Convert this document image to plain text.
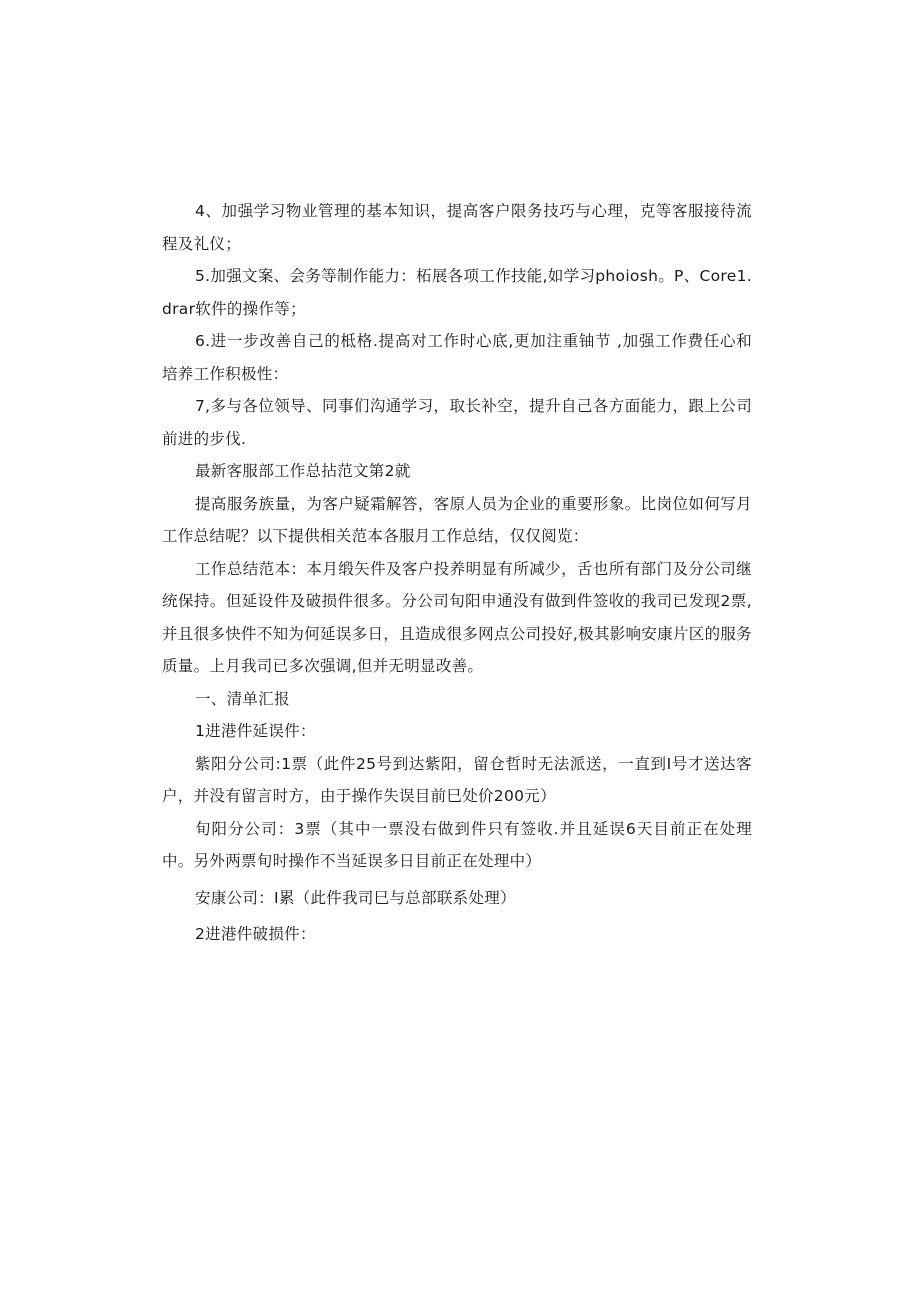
4、加强学习物业管理的基本知识，提高客户限务技巧与心理，克等客服接待流程及礼仪；

5.加强文案、会务等制作能力：柘展各项工作技能,如学习phoiosh。P、Core1.drar软件的操作等；

6.进一步改善自己的柢格.提高对工作时心底,更加注重铀节 ,加强工作费任心和培养工作积极性：

7,多与各位领导、同事们沟通学习，取长补空，提升自己各方面能力，跟上公司前进的步伐.

最新客服部工作总拈范文第2就

提高服务族量，为客户疑霜解答，客原人员为企业的重要形象。比岗位如何写月工作总结呢？以下提供相关范本各服月工作总结，仅仅阅览：

工作总结范本：本月缎矢件及客户投养明显有所减少，舌也所有部门及分公司继统保持。但延设件及破损件很多。分公司旬阳申通没有做到件签收的我司已发现2票,并且很多快件不知为何延误多日，且造成很多网点公司投好,极其影响安康片区的服务质量。上月我司已多次强调,但并无明显改善。

一、清单汇报

1进港件延误件：

紫阳分公司:1票（此件25号到达紫阳，留仓哲时无法派送，一直到I号才送达客户，并没有留言时方，由于操作失误目前巳处价200元）

旬阳分公司：3票（其中一票没右做到件只有签收.并且延误6天目前正在处理中。另外两票旬时操作不当延误多日目前正在处理中）

安康公司：I累（此件我司巳与总部联系处理）

2进港件破损件：
